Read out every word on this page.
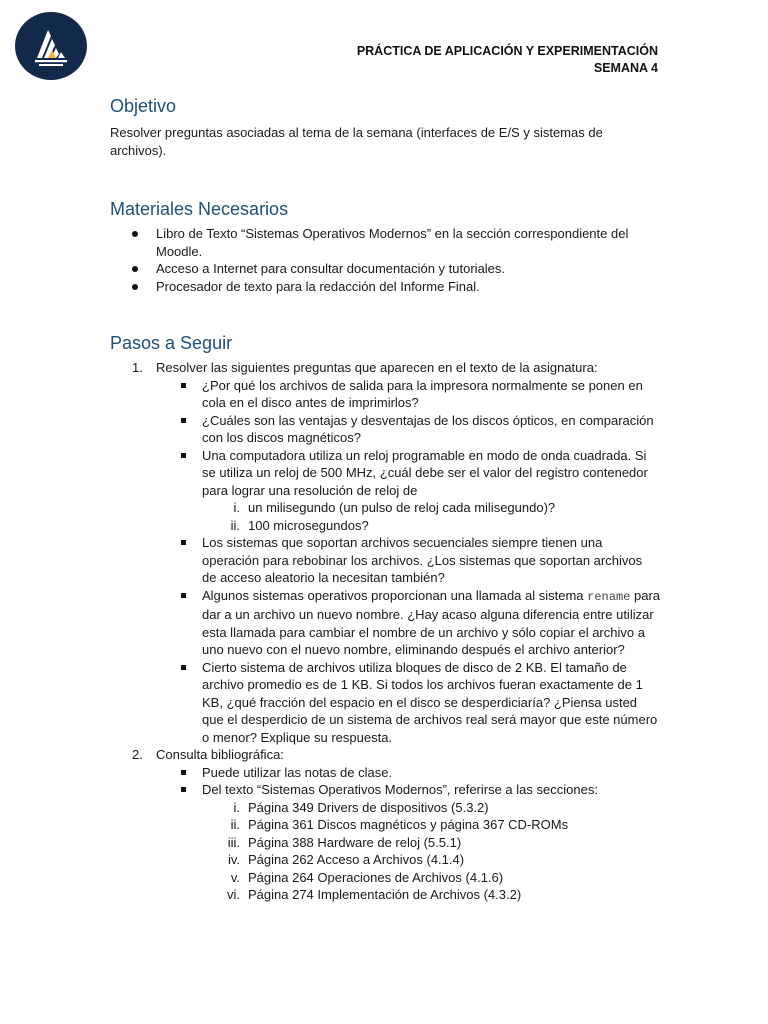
PRÁCTICA DE APLICACIÓN Y EXPERIMENTACIÓN
SEMANA 4
Objetivo

Resolver preguntas asociadas al tema de la semana (interfaces de E/S y sistemas de archivos).

Materiales Necesarios
Libro de Texto “Sistemas Operativos Modernos” en la sección correspondiente del Moodle.
Acceso a Internet para consultar documentación y tutoriales.
Procesador de texto para la redacción del Informe Final.
Pasos a Seguir
1. Resolver las siguientes preguntas que aparecen en el texto de la asignatura:
¿Por qué los archivos de salida para la impresora normalmente se ponen en cola en el disco antes de imprimirlos?
¿Cuáles son las ventajas y desventajas de los discos ópticos, en comparación con los discos magnéticos?
Una computadora utiliza un reloj programable en modo de onda cuadrada. Si se utiliza un reloj de 500 MHz, ¿cuál debe ser el valor del registro contenedor para lograr una resolución de reloj de
i. un milisegundo (un pulso de reloj cada milisegundo)?
ii. 100 microsegundos?
Los sistemas que soportan archivos secuenciales siempre tienen una operación para rebobinar los archivos. ¿Los sistemas que soportan archivos de acceso aleatorio la necesitan también?
Algunos sistemas operativos proporcionan una llamada al sistema rename para dar a un archivo un nuevo nombre. ¿Hay acaso alguna diferencia entre utilizar esta llamada para cambiar el nombre de un archivo y sólo copiar el archivo a uno nuevo con el nuevo nombre, eliminando después el archivo anterior?
Cierto sistema de archivos utiliza bloques de disco de 2 KB. El tamaño de archivo promedio es de 1 KB. Si todos los archivos fueran exactamente de 1 KB, ¿qué fracción del espacio en el disco se desperdiciaría? ¿Piensa usted que el desperdicio de un sistema de archivos real será mayor que este número o menor? Explique su respuesta.
2. Consulta bibliográfica:
Puede utilizar las notas de clase.
Del texto “Sistemas Operativos Modernos”, referirse a las secciones:
i. Página 349 Drivers de dispositivos (5.3.2)
ii. Página 361 Discos magnéticos y página 367 CD-ROMs
iii. Página 388 Hardware de reloj (5.5.1)
iv. Página 262 Acceso a Archivos (4.1.4)
v. Página 264 Operaciones de Archivos (4.1.6)
vi. Página 274 Implementación de Archivos (4.3.2)
